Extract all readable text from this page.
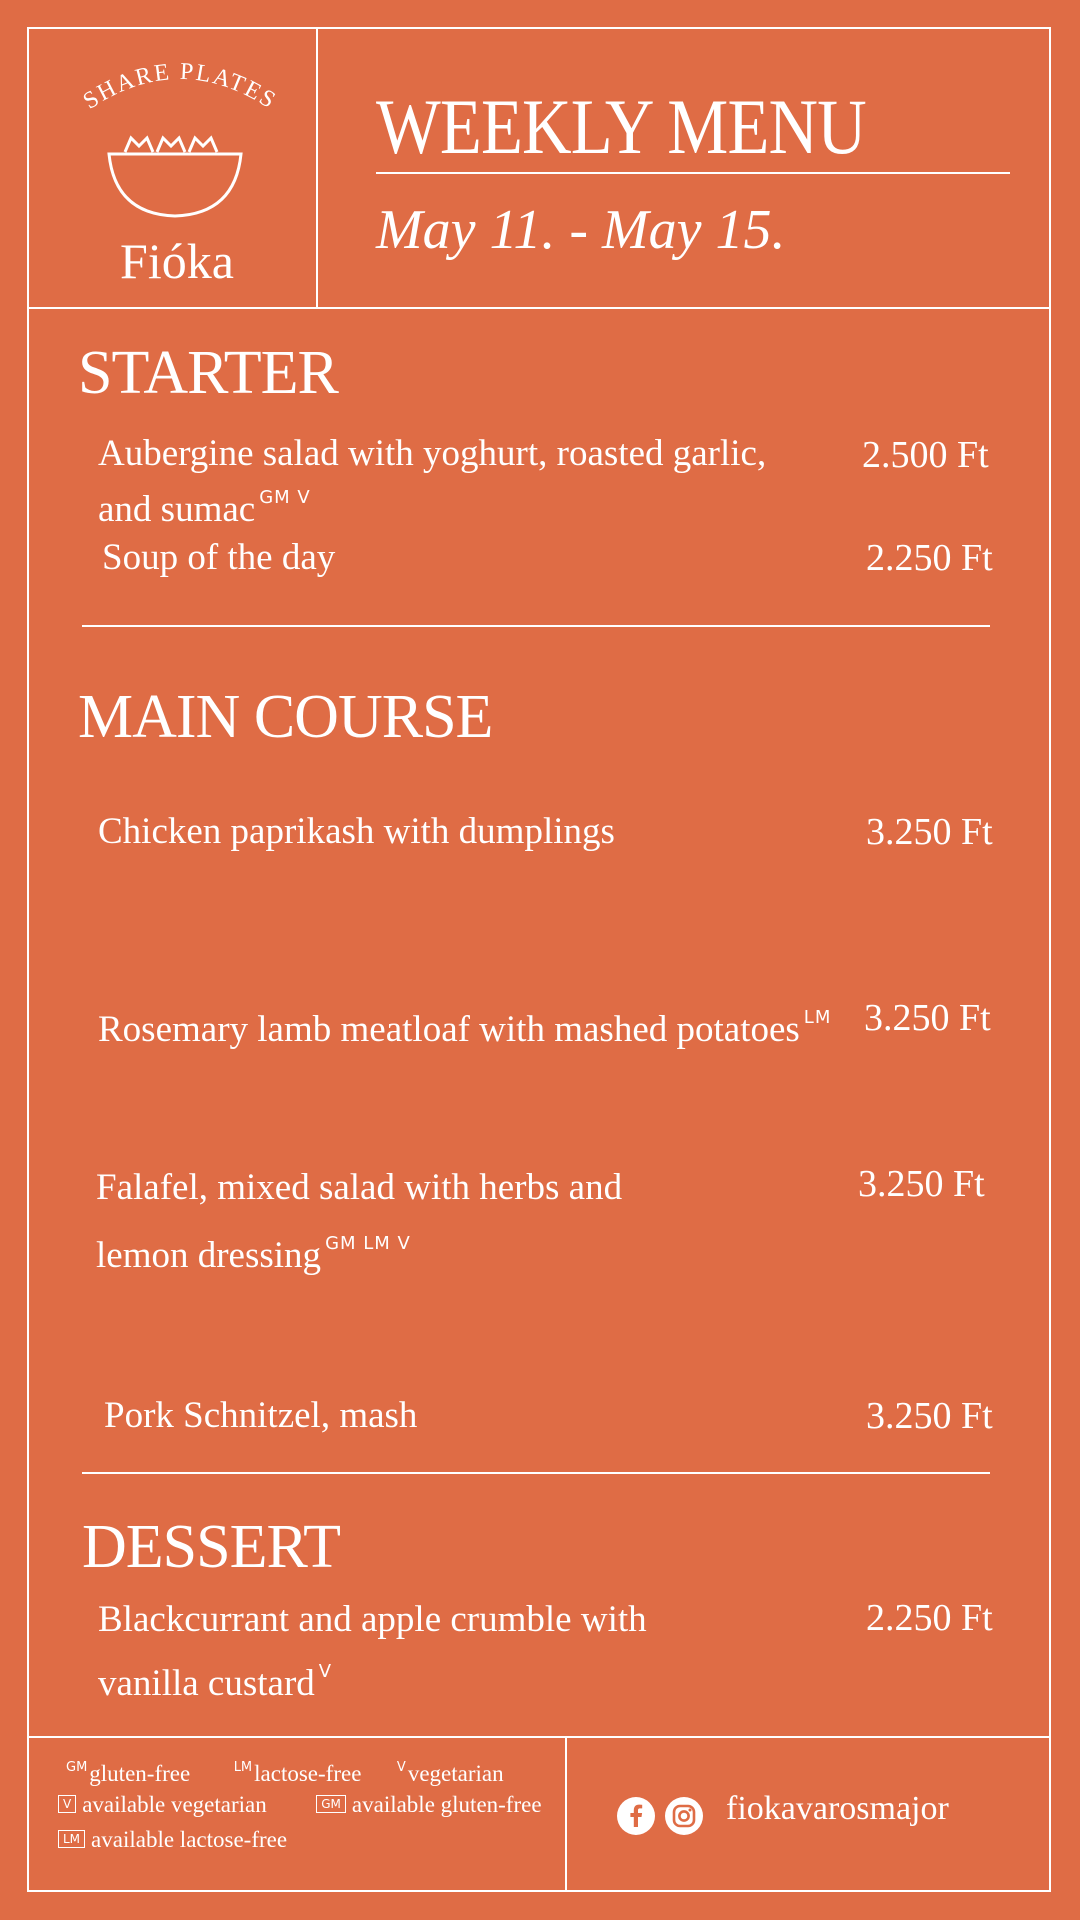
SHARE PLATES
Fióka
WEEKLY MENU
May 11. - May 15.
STARTER
Aubergine salad with yoghurt, roasted garlic,
and sumac $^{GM V}$
2.500 Ft
Soup of the day	2.250 Ft
MAIN COURSE
Chicken paprikash with dumplings	3.250 Ft
Rosemary lamb meatloaf with mashed potatoes $^{LM}$ 3.250 Ft
Falafel, mixed salad with herbs and
lemon dressing $^{GM LM V}$
3.250 Ft
Pork Schnitzel, mash	3.250 Ft
DESSERT
Blackcurrant and apple crumble with
vanilla custard $^V$
2.250 Ft
$^{GM}$gluten-free	$^{LM}$lactose-free	$^V$vegetarian
V available vegetarian	GM available gluten-free
LM available lactose-free
fiokavarosmajor
